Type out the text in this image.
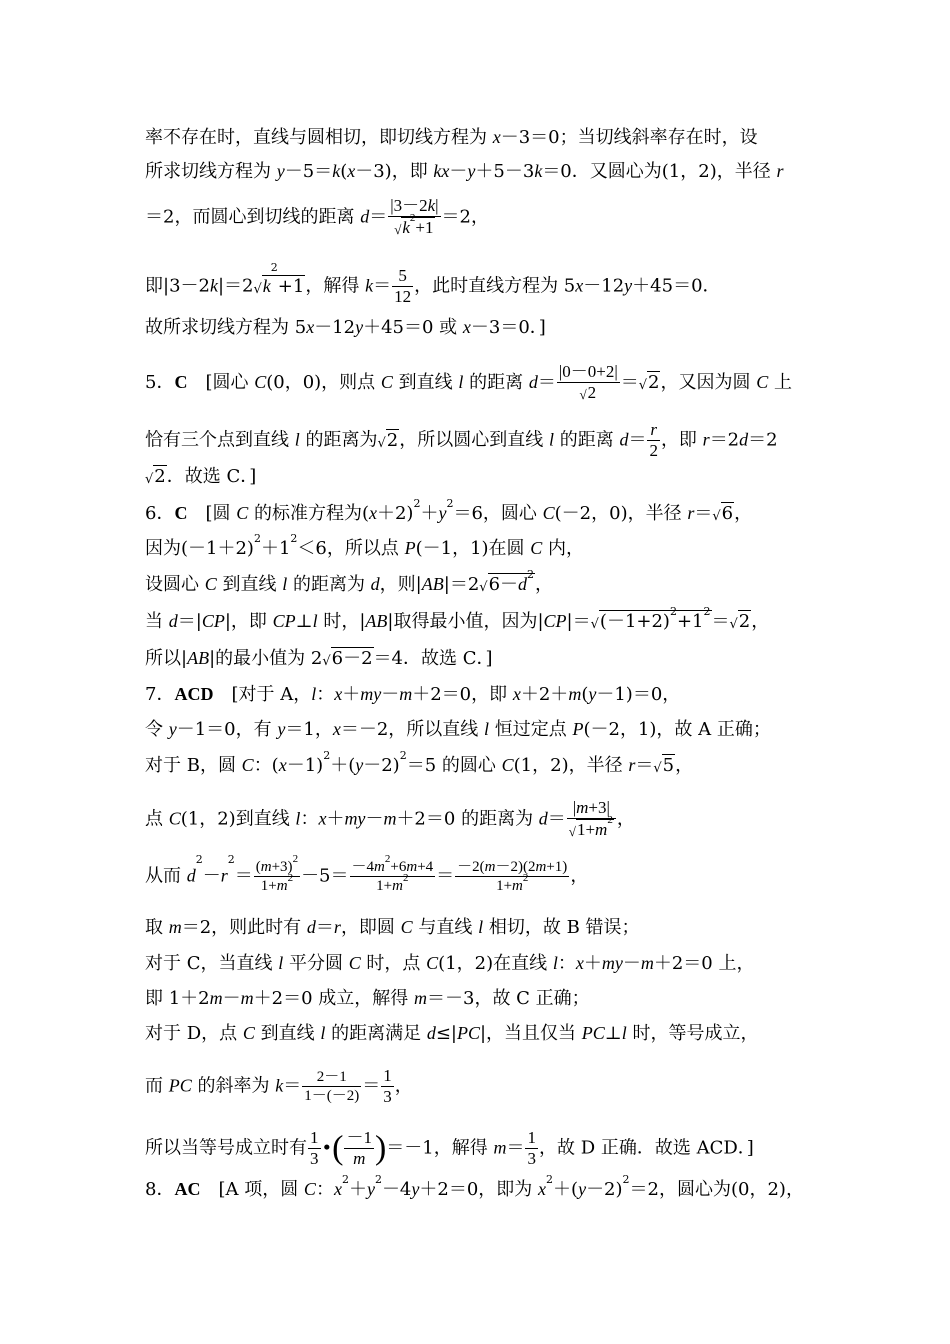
率不存在时，直线与圆相切，即切线方程为 x－3＝0；当切线斜率存在时，设
所求切线方程为 y－5＝k(x－3)，即 kx－y＋5－3k＝0．又圆心为(1，2)，半径 r
＝2，而圆心到切线的距离 $d= \frac{|3-2k|}{√k^2+1} =2$，
即$|3-2k|=2√k^2+1$，解得 $k= \frac{5}{12}$ ，此时直线方程为 5x－12y＋45＝0．
故所求切线方程为 5x－12y＋45＝0 或 x－3＝0．]
5．C　[圆心 C(0，0)，则点 C 到直线 l 的距离 $d= \frac{|0-0+2|}{√2} =√2$，又因为圆 C 上
恰有三个点到直线 l 的距离为√2，所以圆心到直线 l 的距离 $d= \frac{r}{2}$ ，即 r＝2d＝2
√2．故选 C．]
6．C　[圆 C 的标准方程为$(x+2)^2+y^2=6$，圆心 C(－2，0)，半径 r＝√6，
因为$(-1+2)^2+1^2<6$，所以点 P(－1，1)在圆 C 内，
设圆心 C 到直线 l 的距离为 d，则$|AB|=2√6-d^2$，
当 d＝|CP|，即 CP⊥l 时，|AB|取得最小值，因为$|CP|=√(-1+2)^2+1^2=√2$，
所以|AB|的最小值为 2√6－2＝4．故选 C．]
7．ACD　[对于 A，l：x＋my－m＋2＝0，即 x＋2＋m(y－1)＝0，
令 y－1＝0，有 y＝1，x＝－2，所以直线 l 恒过定点 P(－2，1)，故 A 正确；
对于 B，圆 C：$(x-1)^2+(y-2)^2=5$ 的圆心 C(1，2)，半径 r＝√5，
点 C(1，2)到直线 l：x＋my－m＋2＝0 的距离为 $d= \frac{|m+3|}{√1+m^2}$ ，
从而 $d^2-r^2= \frac{(m+3)^2}{1+m^2} -5= \frac{-4m^2+6m+4}{1+m^2} = \frac{-2(m-2)(2m+1)}{1+m^2}$ ，
取 m＝2，则此时有 d＝r，即圆 C 与直线 l 相切，故 B 错误；
对于 C，当直线 l 平分圆 C 时，点 C(1，2)在直线 l：x＋my－m＋2＝0 上，
即 1＋2m－m＋2＝0 成立，解得 m＝－3，故 C 正确；
对于 D，点 C 到直线 l 的距离满足 d≤|PC|，当且仅当 PC⊥l 时，等号成立，
而 PC 的斜率为 $k= \frac{2-1}{1-(-2)} = \frac{1}{3}$ ，
所以当等号成立时有 $\frac{1}{3}$ •( $\frac{-1}{m} )=-1$，解得 $m= \frac{1}{3}$ ，故 D 正确．故选 ACD．]
8．AC　[A 项，圆 C：$x^2+y^2-4y+2=0$，即为 $x^2+(y-2)^2=2$，圆心为(0，2)，
